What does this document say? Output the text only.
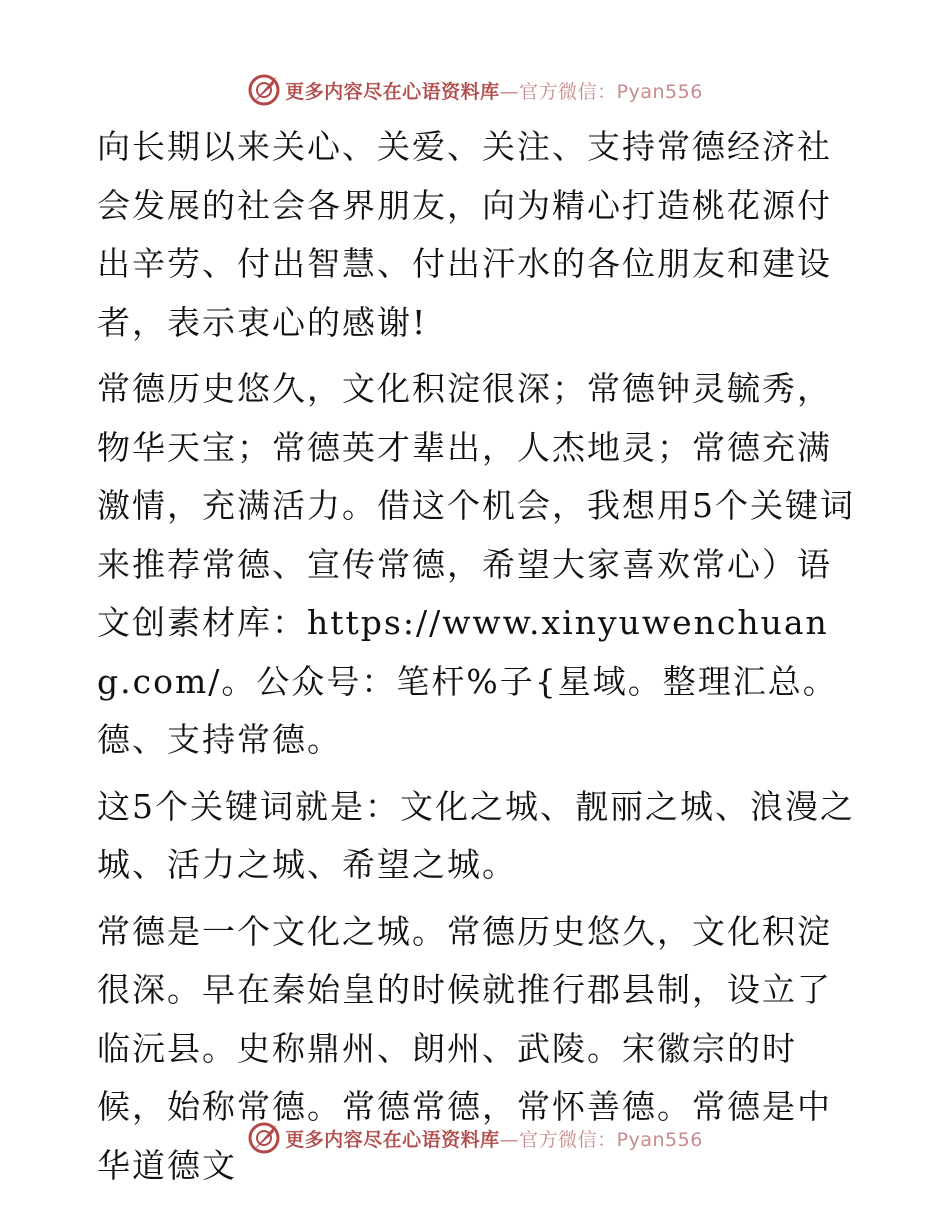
更多内容尽在心语资料库—官方微信：Pyan556

向长期以来关心、关爱、关注、支持常德经济社会发展的社会各界朋友，向为精心打造桃花源付出辛劳、付出智慧、付出汗水的各位朋友和建设者，表示衷心的感谢!

常德历史悠久，文化积淀很深；常德钟灵毓秀，物华天宝；常德英才辈出，人杰地灵；常德充满激情，充满活力。借这个机会，我想用5个关键词来推荐常德、宣传常德，希望大家喜欢常心）语文创素材库：https://www.xinyuwenchuang.com/。公众号：笔杆%子{星域。整理汇总。德、支持常德。

这5个关键词就是：文化之城、靓丽之城、浪漫之城、活力之城、希望之城。

常德是一个文化之城。常德历史悠久，文化积淀很深。早在秦始皇的时候就推行郡县制，设立了临沅县。史称鼎州、朗州、武陵。宋徽宗的时候，始称常德。常德常德，常怀善德。常德是中华道德文

更多内容尽在心语资料库—官方微信：Pyan556
